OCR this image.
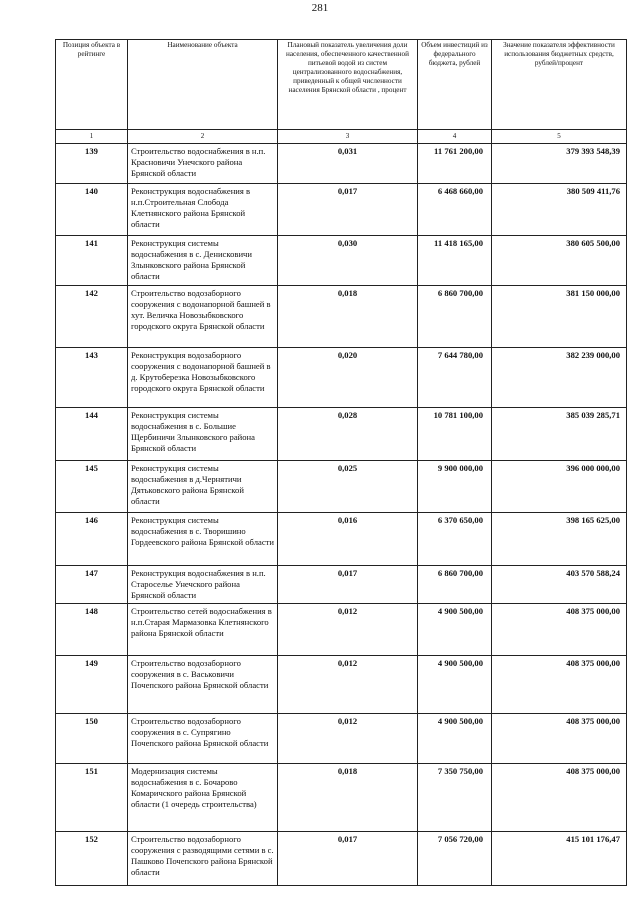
281
Позиция объекта в рейтинге	Наименование объекта	Плановый показатель увеличения доли населения, обеспеченного качественной питьевой водой из систем централизованного водоснабжения, приведенный к общей численности населения Брянской области , процент	Объем инвестиций из федерального бюджета, рублей	Значение показателя эффективности использования бюджетных средств, рублей/процент
1	2	3	4	5
139	Строительство водоснабжения в н.п. Красновичи Унечского района Брянской области	0,031	11 761 200,00	379 393 548,39
140	Реконструкция водоснабжения в н.п.Строительная Слобода Клетнянского района Брянской области	0,017	6 468 660,00	380 509 411,76
141	Реконструкция системы водоснабжения в с. Денисковичи Злынковского района Брянской области	0,030	11 418 165,00	380 605 500,00
142	Строительство водозаборного сооружения с водонапорной башней в хут. Величка Новозыбковского городского округа Брянской области	0,018	6 860 700,00	381 150 000,00
143	Реконструкция водозаборного сооружения с водонапорной башней в д. Крутоберезка Новозыбковского городского округа Брянской области	0,020	7 644 780,00	382 239 000,00
144	Реконструкция системы водоснабжения в с. Большие Щербиничи Злынковского района Брянской области	0,028	10 781 100,00	385 039 285,71
145	Реконструкция системы водоснабжения в д.Чернятичи Дятьковского района Брянской области	0,025	9 900 000,00	396 000 000,00
146	Реконструкция системы водоснабжения в с. Творишино Гордеевского района Брянской области	0,016	6 370 650,00	398 165 625,00
147	Реконструкция водоснабжения в н.п. Староселье Унечского района Брянской области	0,017	6 860 700,00	403 570 588,24
148	Строительство сетей водоснабжения в н.п.Старая Мармазовка Клетнянского района Брянской области	0,012	4 900 500,00	408 375 000,00
149	Строительство водозаборного сооружения в с. Васьковичи Почепского района Брянской области	0,012	4 900 500,00	408 375 000,00
150	Строительство водозаборного сооружения в с. Супрягино Почепского района Брянской области	0,012	4 900 500,00	408 375 000,00
151	Модернизация системы водоснабжения в с. Бочарово Комаричского района Брянской области (1 очередь строительства)	0,018	7 350 750,00	408 375 000,00
152	Строительство водозаборного сооружения с разводящими сетями в с. Пашково Почепского района Брянской области	0,017	7 056 720,00	415 101 176,47
